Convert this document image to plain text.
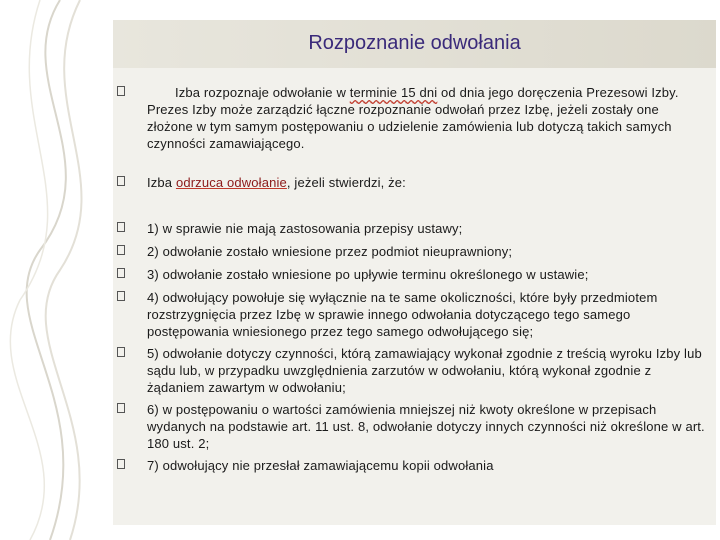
Rozpoznanie odwołania
Izba rozpoznaje odwołanie w terminie 15 dni od dnia jego doręczenia Prezesowi Izby. Prezes Izby może zarządzić łączne rozpoznanie odwołań przez Izbę, jeżeli zostały one złożone w tym samym postępowaniu o udzielenie zamówienia lub dotyczą takich samych czynności zamawiającego.
Izba odrzuca odwołanie, jeżeli stwierdzi, że:
1) w sprawie nie mają zastosowania przepisy ustawy;
2) odwołanie zostało wniesione przez podmiot nieuprawniony;
3) odwołanie zostało wniesione po upływie terminu określonego w ustawie;
4) odwołujący powołuje się wyłącznie na te same okoliczności, które były przedmiotem rozstrzygnięcia przez Izbę w sprawie innego odwołania dotyczącego tego samego postępowania wniesionego przez tego samego odwołującego się;
5) odwołanie dotyczy czynności, którą zamawiający wykonał zgodnie z treścią wyroku Izby lub sądu lub, w przypadku uwzględnienia zarzutów w odwołaniu, którą wykonał zgodnie z żądaniem zawartym w odwołaniu;
6) w postępowaniu o wartości zamówienia mniejszej niż kwoty określone w przepisach wydanych na podstawie art. 11 ust. 8, odwołanie dotyczy innych czynności niż określone w art. 180 ust. 2;
7) odwołujący nie przesłał zamawiającemu kopii odwołania
